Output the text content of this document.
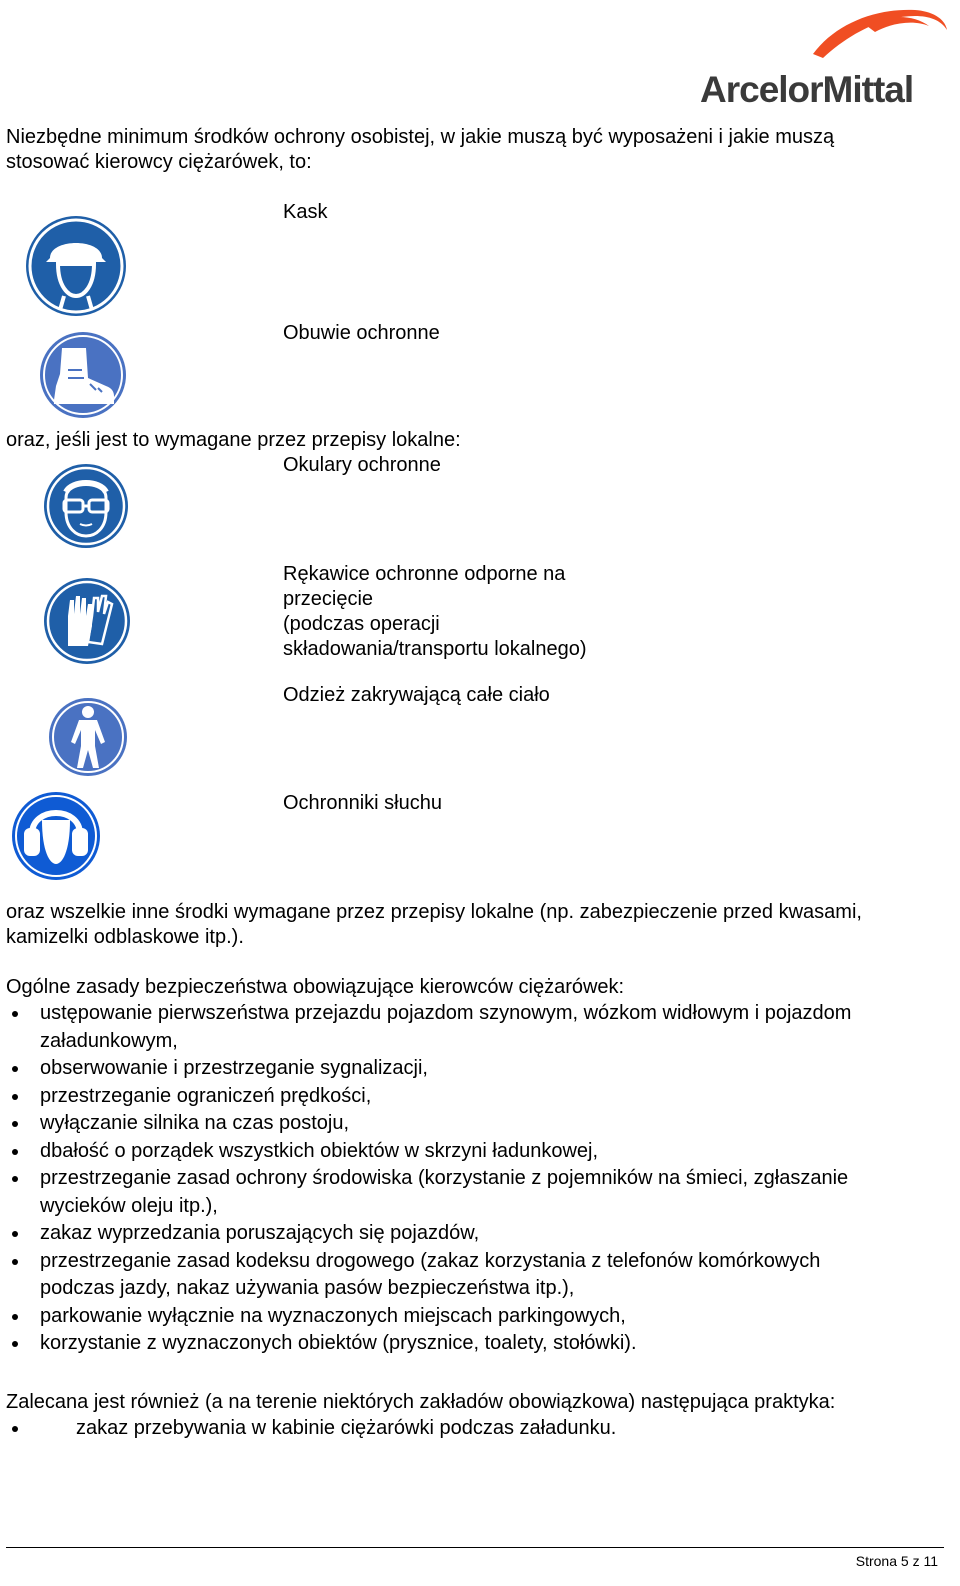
ArcelorMittal
Niezbędne minimum środków ochrony osobistej, w jakie muszą być wyposażeni i jakie muszą
stosować kierowcy ciężarówek, to:
Kask
Obuwie ochronne
oraz, jeśli jest to wymagane przez przepisy lokalne:
Okulary ochronne
Rękawice ochronne odporne na
przecięcie
(podczas operacji
składowania/transportu lokalnego)
Odzież zakrywającą całe ciało
Ochronniki słuchu
oraz wszelkie inne środki wymagane przez przepisy lokalne (np. zabezpieczenie przed kwasami,
kamizelki odblaskowe itp.).
Ogólne zasady bezpieczeństwa obowiązujące kierowców ciężarówek:
ustępowanie pierwszeństwa przejazdu pojazdom szynowym, wózkom widłowym i pojazdom
załadunkowym,
obserwowanie i przestrzeganie sygnalizacji,
przestrzeganie ograniczeń prędkości,
wyłączanie silnika na czas postoju,
dbałość o porządek wszystkich obiektów w skrzyni ładunkowej,
przestrzeganie zasad ochrony środowiska (korzystanie z pojemników na śmieci, zgłaszanie
wycieków oleju itp.),
zakaz wyprzedzania poruszających się pojazdów,
przestrzeganie zasad kodeksu drogowego (zakaz korzystania z telefonów komórkowych
podczas jazdy, nakaz używania pasów bezpieczeństwa itp.),
parkowanie wyłącznie na wyznaczonych miejscach parkingowych,
korzystanie z wyznaczonych obiektów (prysznice, toalety, stołówki).
Zalecana jest również (a na terenie niektórych zakładów obowiązkowa) następująca praktyka:
zakaz przebywania w kabinie ciężarówki podczas załadunku.
Strona 5 z 11
